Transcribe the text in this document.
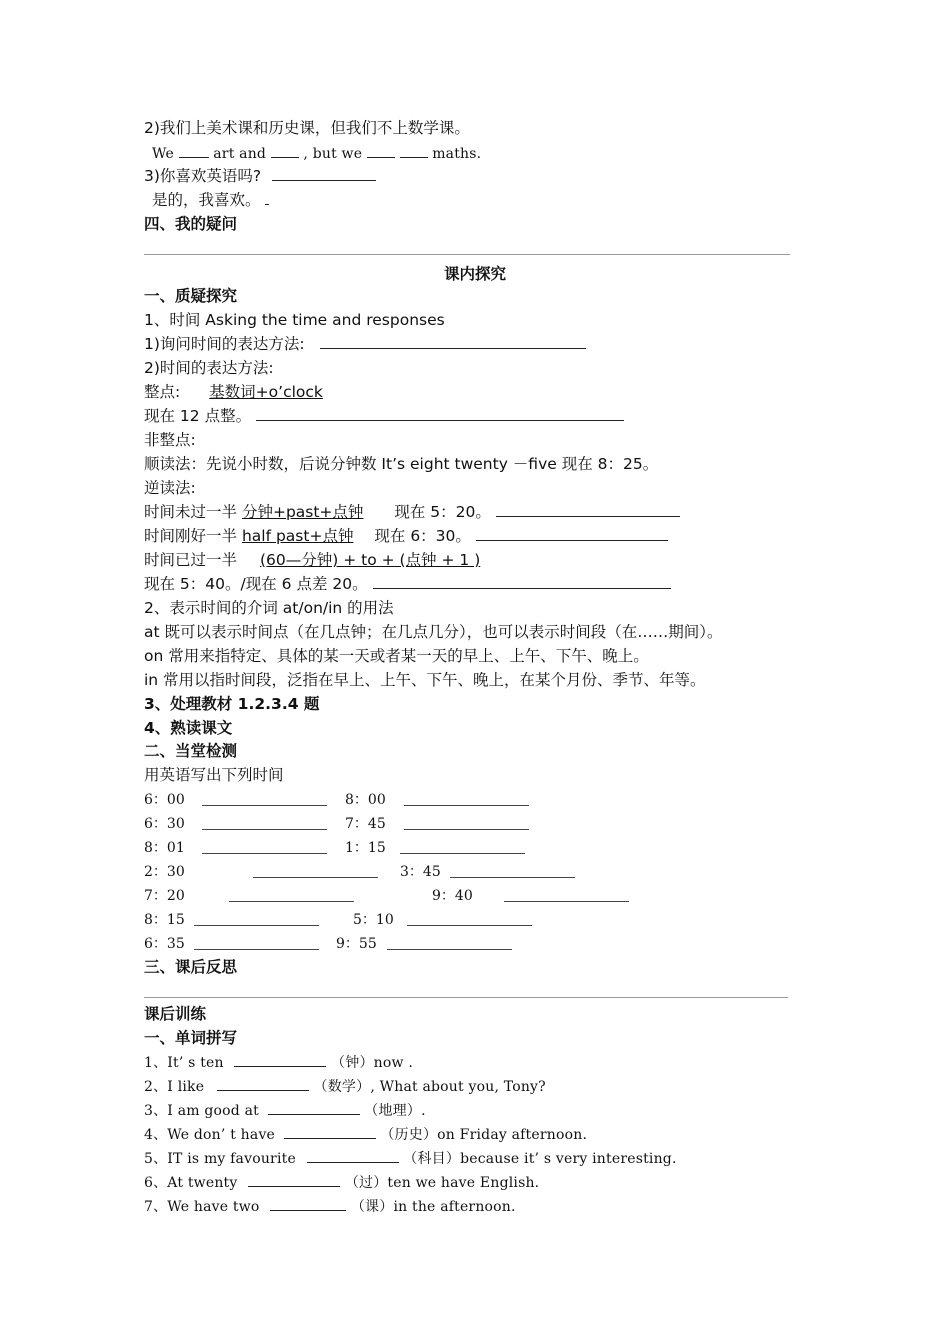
2)我们上美术课和历史课，但我们不上数学课。
We	art and	, but we	maths.
3)你喜欢英语吗?
是的，我喜欢。
四、我的疑问
课内探究
一、质疑探究
1、时间 Asking the time and responses
1)询问时间的表达方法:
2)时间的表达方法:
整点: 基数词+o’clock
现在 12 点整。
非整点:
顺读法：先说小时数，后说分钟数 It’s eight twenty －five 现在 8：25。
逆读法:
时间未过一半 分钟+past+点钟 现在 5：20。
时间刚好一半 half past+点钟 现在 6：30。
时间已过一半 (60—分钟) + to + (点钟 + 1 )
现在 5：40。/现在 6 点差 20。
2、表示时间的介词 at/on/in 的用法
at 既可以表示时间点（在几点钟；在几点几分），也可以表示时间段（在……期间）。
on 常用来指特定、具体的某一天或者某一天的早上、上午、下午、晚上。
in 常用以指时间段，泛指在早上、上午、下午、晚上，在某个月份、季节、年等。
3、处理教材 1.2.3.4 题
4、熟读课文
二、当堂检测
用英语写出下列时间
6：00	8：00
6：30	7：45
8：01	1：15
2：30	3：45
7：20	9：40
8：15	5：10
6：35	9：55
三、课后反思
课后训练
一、单词拼写
1、It’ s ten	（钟）now .
2、I like	（数学）, What about you, Tony?
3、I am good at	（地理）.
4、We don’ t have	（历史）on Friday afternoon.
5、IT is my favourite	（科目）because it’ s very interesting.
6、At twenty	（过）ten we have English.
7、We have two	（课）in the afternoon.
